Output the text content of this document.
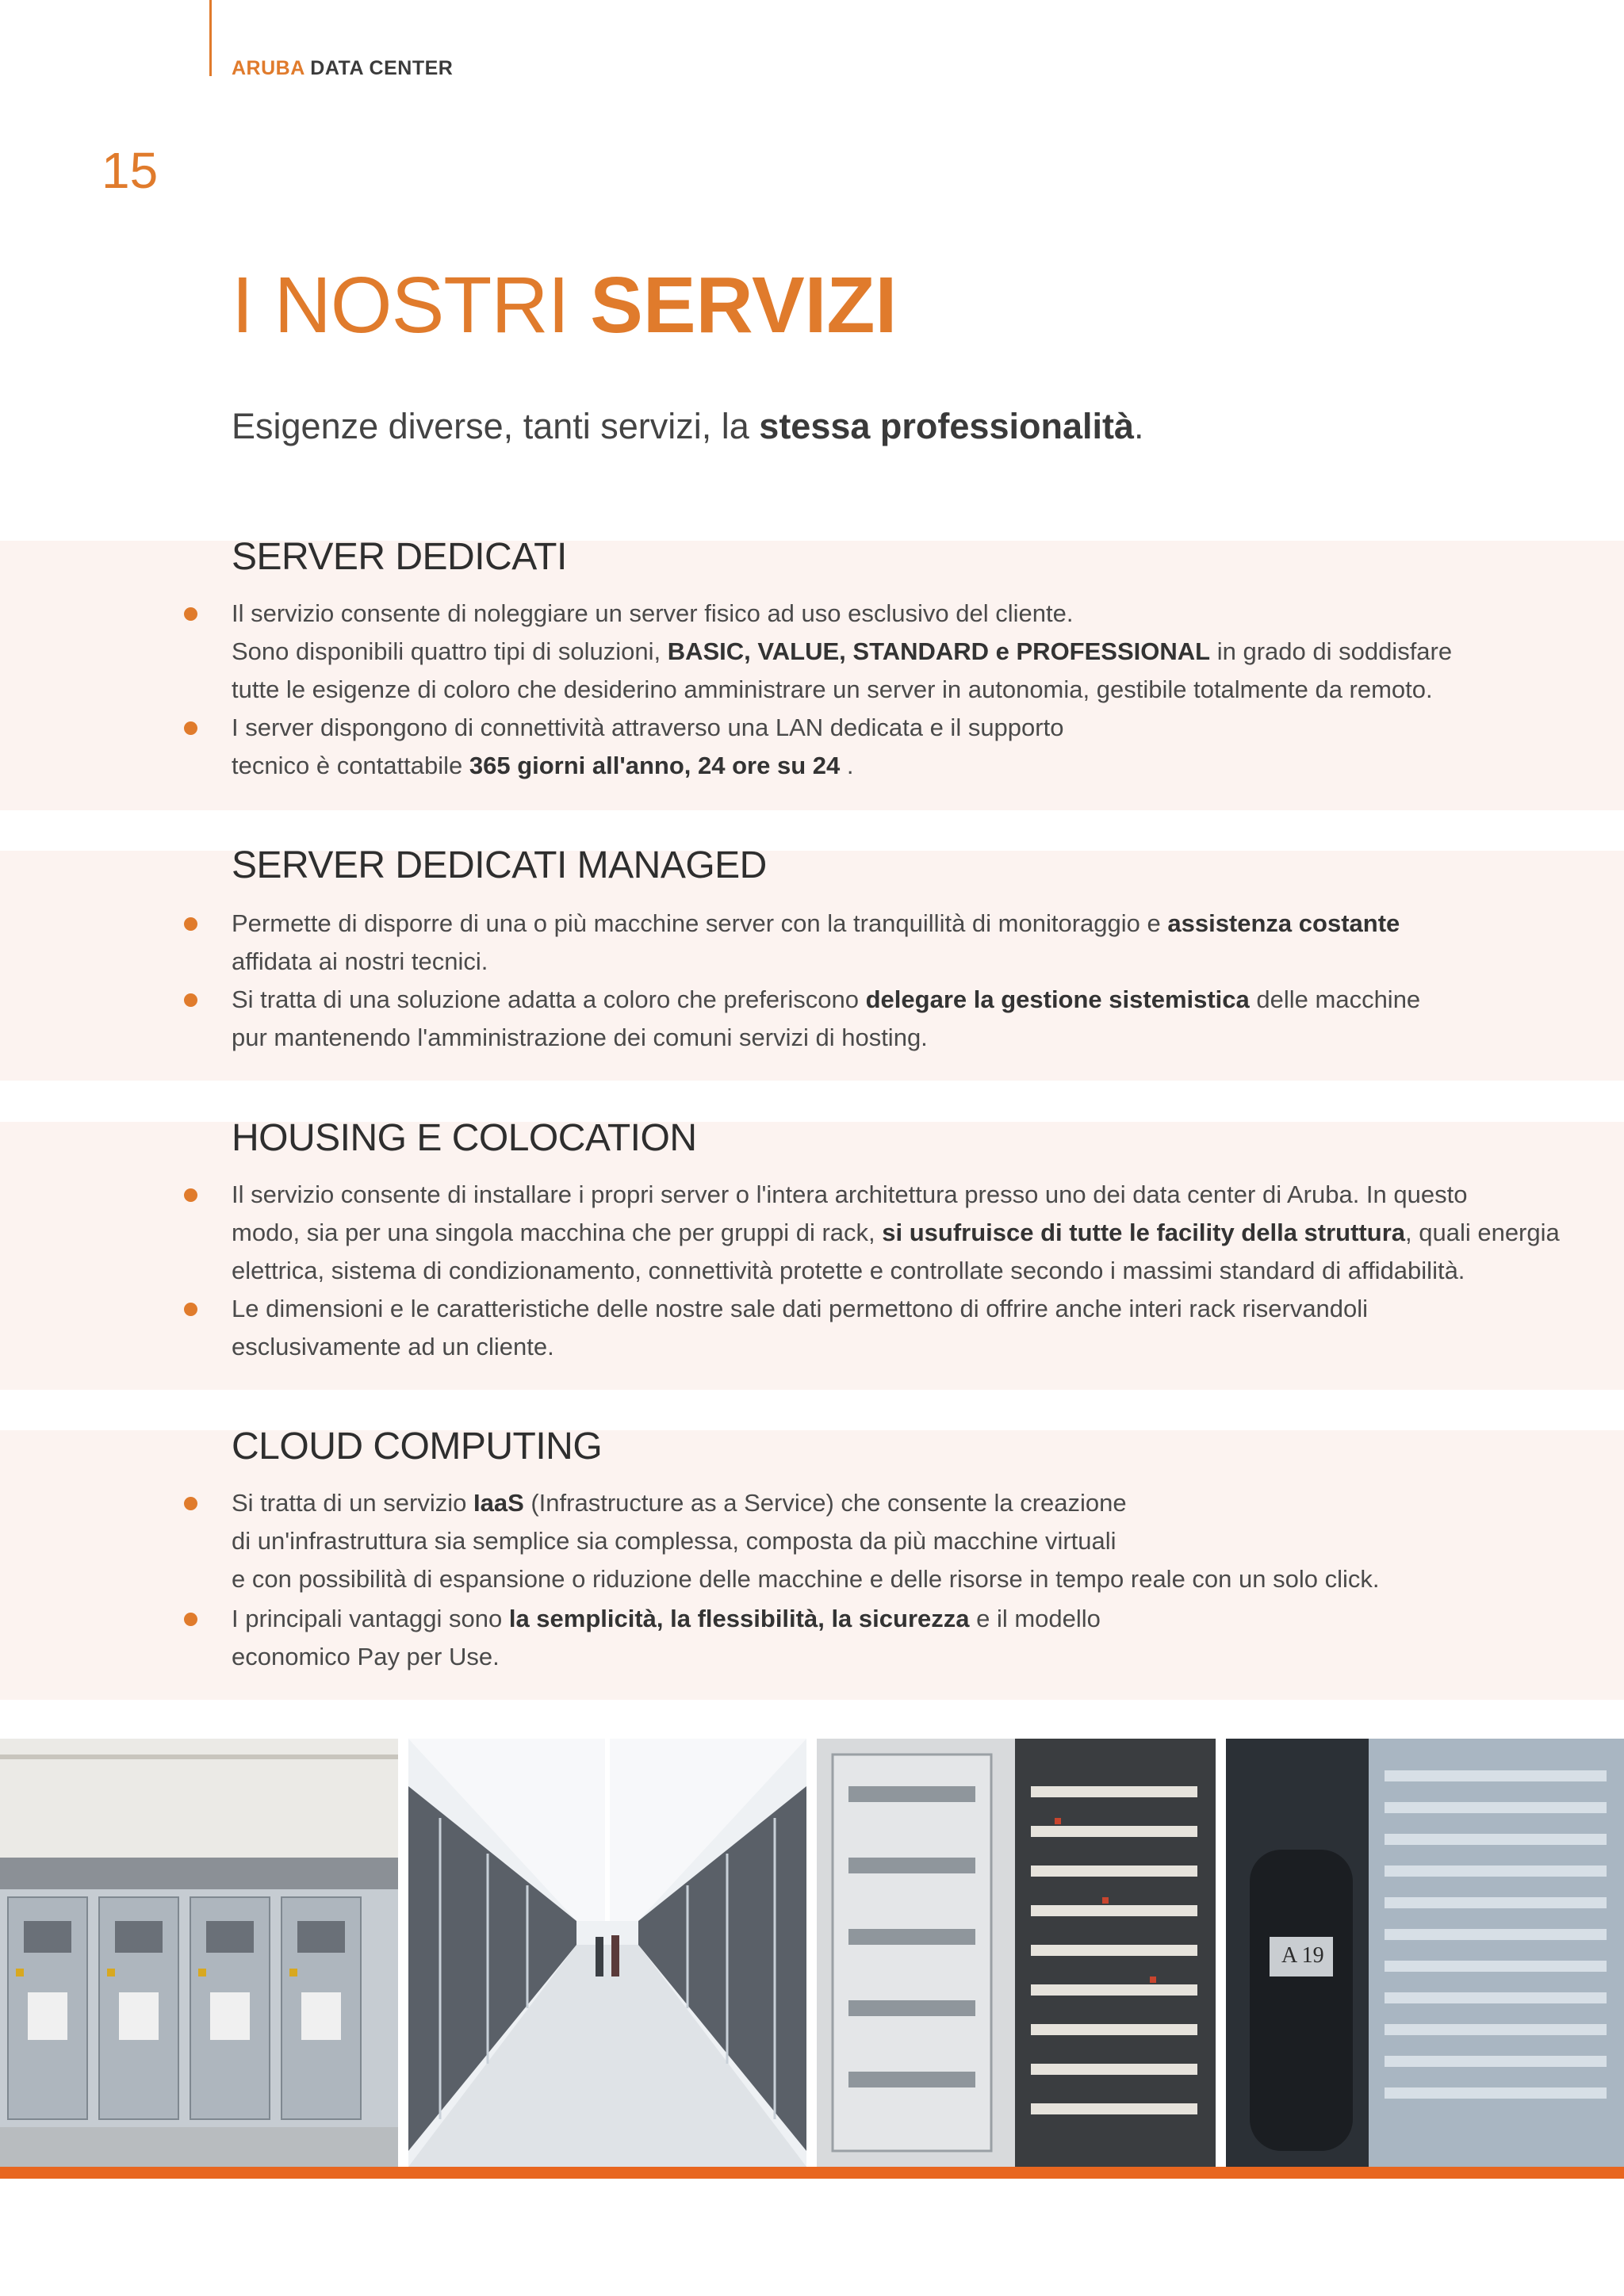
ARUBA DATA CENTER
15
I NOSTRI SERVIZI
Esigenze diverse, tanti servizi, la stessa professionalità.
SERVER DEDICATI
SERVER DEDICATI MANAGED
HOUSING E COLOCATION
CLOUD COMPUTING
Il servizio consente di noleggiare un server fisico ad uso esclusivo del cliente.
Sono disponibili quattro tipi di soluzioni, BASIC, VALUE, STANDARD e PROFESSIONAL in grado di soddisfare
tutte le esigenze di coloro che desiderino amministrare un server in autonomia, gestibile totalmente da remoto.
I server dispongono di connettività attraverso una LAN dedicata e il supporto
tecnico è contattabile 365 giorni all'anno, 24 ore su 24 .
Permette di disporre di una o più macchine server con la tranquillità di monitoraggio e assistenza costante
affidata ai nostri tecnici.
Si tratta di una soluzione adatta a coloro che preferiscono delegare la gestione sistemistica delle macchine
pur mantenendo l'amministrazione dei comuni servizi di hosting.
Il servizio consente di installare i propri server o l'intera architettura presso uno dei data center di Aruba. In questo
modo, sia per una singola macchina che per gruppi di rack, si usufruisce di tutte le facility della struttura, quali energia
elettrica, sistema di condizionamento, connettività protette e controllate secondo i massimi standard di affidabilità.
Le dimensioni e le caratteristiche delle nostre sale dati permettono di offrire anche interi rack riservandoli
esclusivamente ad un cliente.
Si tratta di un servizio IaaS (Infrastructure as a Service) che consente la creazione
di un'infrastruttura sia semplice sia complessa, composta da più macchine virtuali
e con possibilità di espansione o riduzione delle macchine e delle risorse in tempo reale con un solo click.
I principali vantaggi sono la semplicità, la flessibilità, la sicurezza e il modello
economico Pay per Use.
A 19
